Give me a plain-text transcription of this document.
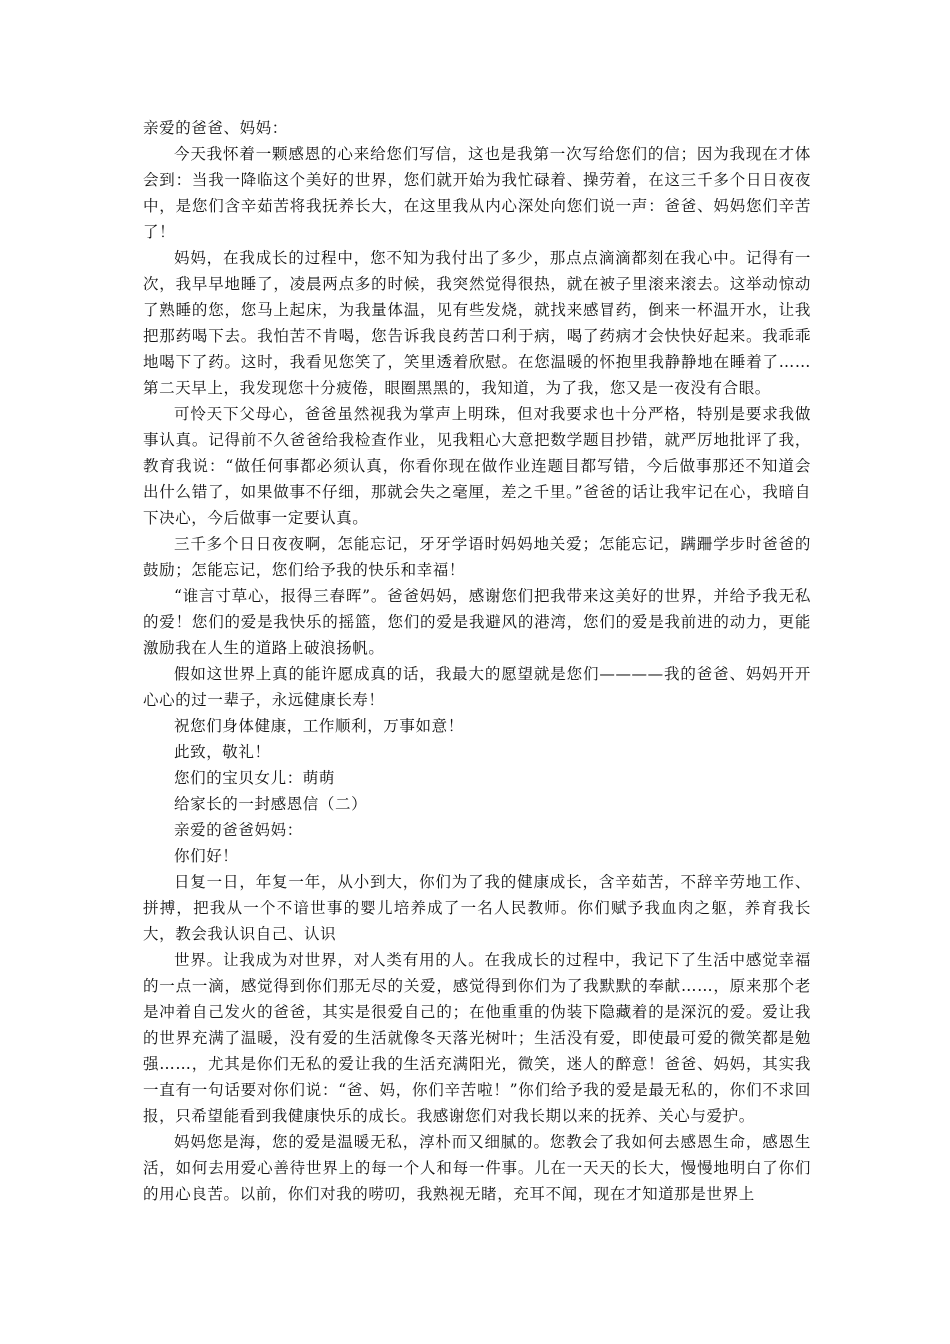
亲爱的爸爸、妈妈：

今天我怀着一颗感恩的心来给您们写信，这也是我第一次写给您们的信；因为我现在才体会到：当我一降临这个美好的世界，您们就开始为我忙碌着、操劳着，在这三千多个日日夜夜中，是您们含辛茹苦将我抚养长大，在这里我从内心深处向您们说一声：爸爸、妈妈您们辛苦了！

妈妈，在我成长的过程中，您不知为我付出了多少，那点点滴滴都刻在我心中。记得有一次，我早早地睡了，凌晨两点多的时候，我突然觉得很热，就在被子里滚来滚去。这举动惊动了熟睡的您，您马上起床，为我量体温，见有些发烧，就找来感冒药，倒来一杯温开水，让我把那药喝下去。我怕苦不肯喝，您告诉我良药苦口利于病，喝了药病才会快快好起来。我乖乖地喝下了药。这时，我看见您笑了，笑里透着欣慰。在您温暖的怀抱里我静静地在睡着了……第二天早上，我发现您十分疲倦，眼圈黑黑的，我知道，为了我，您又是一夜没有合眼。

可怜天下父母心，爸爸虽然视我为掌声上明珠，但对我要求也十分严格，特别是要求我做事认真。记得前不久爸爸给我检查作业，见我粗心大意把数学题目抄错，就严厉地批评了我，教育我说：“做任何事都必须认真，你看你现在做作业连题目都写错，今后做事那还不知道会出什么错了，如果做事不仔细，那就会失之毫厘，差之千里。”爸爸的话让我牢记在心，我暗自下决心，今后做事一定要认真。

三千多个日日夜夜啊，怎能忘记，牙牙学语时妈妈地关爱；怎能忘记，蹒跚学步时爸爸的鼓励；怎能忘记，您们给予我的快乐和幸福！

“谁言寸草心，报得三春晖”。爸爸妈妈，感谢您们把我带来这美好的世界，并给予我无私的爱！您们的爱是我快乐的摇篮，您们的爱是我避风的港湾，您们的爱是我前进的动力，更能激励我在人生的道路上破浪扬帆。

假如这世界上真的能许愿成真的话，我最大的愿望就是您们————我的爸爸、妈妈开开心心的过一辈子，永远健康长寿！

祝您们身体健康，工作顺利，万事如意！

此致，敬礼！

您们的宝贝女儿：萌萌

给家长的一封感恩信（二）

亲爱的爸爸妈妈：

你们好！

日复一日，年复一年，从小到大，你们为了我的健康成长，含辛茹苦，不辞辛劳地工作、拼搏，把我从一个不谙世事的婴儿培养成了一名人民教师。你们赋予我血肉之躯，养育我长大，教会我认识自己、认识

世界。让我成为对世界，对人类有用的人。在我成长的过程中，我记下了生活中感觉幸福的一点一滴，感觉得到你们那无尽的关爱，感觉得到你们为了我默默的奉献……，原来那个老是冲着自己发火的爸爸，其实是很爱自己的；在他重重的伪装下隐藏着的是深沉的爱。爱让我的世界充满了温暖，没有爱的生活就像冬天落光树叶；生活没有爱，即使最可爱的微笑都是勉强……，尤其是你们无私的爱让我的生活充满阳光，微笑，迷人的醉意！爸爸、妈妈，其实我一直有一句话要对你们说：“爸、妈，你们辛苦啦！”你们给予我的爱是最无私的，你们不求回报，只希望能看到我健康快乐的成长。我感谢您们对我长期以来的抚养、关心与爱护。

妈妈您是海，您的爱是温暖无私，淳朴而又细腻的。您教会了我如何去感恩生命，感恩生活，如何去用爱心善待世界上的每一个人和每一件事。儿在一天天的长大，慢慢地明白了你们的用心良苦。以前，你们对我的唠叨，我熟视无睹，充耳不闻，现在才知道那是世界上
